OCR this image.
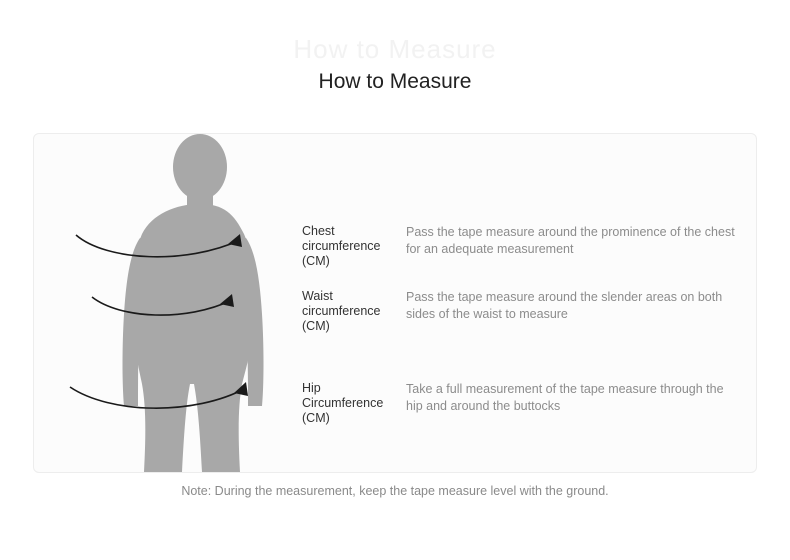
How to Measure
How to Measure
Chest
circumference
(CM)
Pass the tape measure around the prominence of the chest for an adequate measurement
Waist
circumference
(CM)
Pass the tape measure around the slender areas on both sides of the waist to measure
Hip
Circumference
(CM)
Take a full measurement of the tape measure through the hip and around the buttocks
Note: During the measurement, keep the tape measure level with the ground.
